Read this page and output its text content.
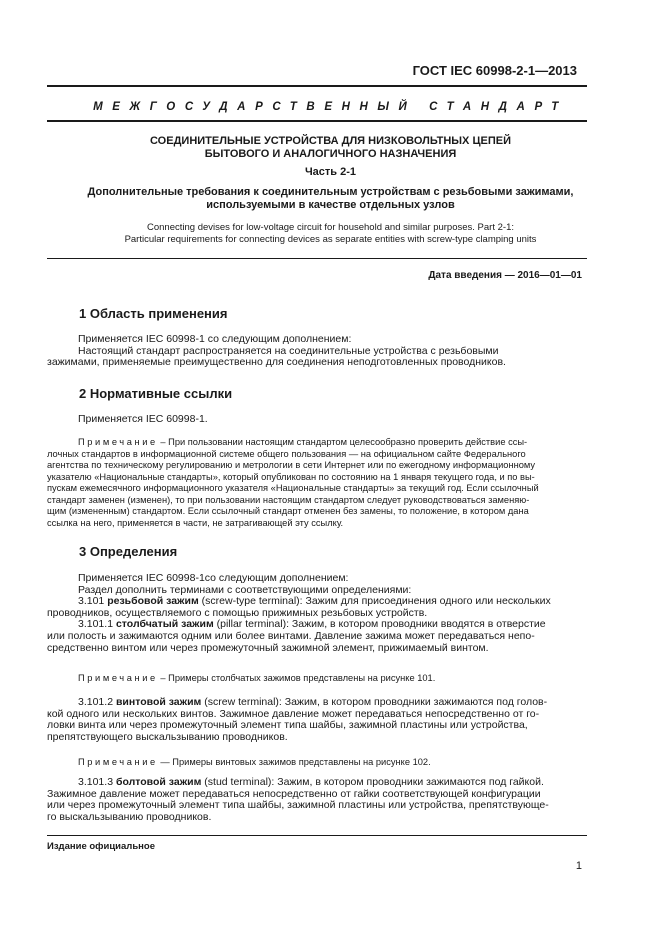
ГОСТ IEC 60998-2-1—2013
МЕЖГОСУДАРСТВЕННЫЙ СТАНДАРТ
СОЕДИНИТЕЛЬНЫЕ УСТРОЙСТВА ДЛЯ НИЗКОВОЛЬТНЫХ ЦЕПЕЙ
БЫТОВОГО И АНАЛОГИЧНОГО НАЗНАЧЕНИЯ
Часть 2-1
Дополнительные требования к соединительным устройствам с резьбовыми зажимами,
используемыми в качестве отдельных узлов
Connecting devises for low-voltage circuit for household and similar purposes. Part 2-1:
Particular requirements for connecting devices as separate entities with screw-type clamping units
Дата введения — 2016—01—01
1 Область применения
Применяется IEC 60998-1 со следующим дополнением:
Настоящий стандарт распространяется на соединительные устройства с резьбовыми
зажимами, применяемые преимущественно для соединения неподготовленных проводников.
2 Нормативные ссылки
Применяется IEC 60998-1.
Примечание – При пользовании настоящим стандартом целесообразно проверить действие ссы-
лочных стандартов в информационной системе общего пользования — на официальном сайте Федерального
агентства по техническому регулированию и метрологии в сети Интернет или по ежегодному информационному
указателю «Национальные стандарты», который опубликован по состоянию на 1 января текущего года, и по вы-
пускам ежемесячного информационного указателя «Национальные стандарты» за текущий год. Если ссылочный
стандарт заменен (изменен), то при пользовании настоящим стандартом следует руководствоваться заменяю-
щим (измененным) стандартом. Если ссылочный стандарт отменен без замены, то положение, в котором дана
ссылка на него, применяется в части, не затрагивающей эту ссылку.
3 Определения
Применяется IEC 60998-1со следующим дополнением:
Раздел дополнить терминами с соответствующими определениями:
3.101 резьбовой зажим (screw-type terminal): Зажим для присоединения одного или нескольких
проводников, осуществляемого с помощью прижимных резьбовых устройств.
3.101.1 столбчатый зажим (pillar terminal): Зажим, в котором проводники вводятся в отверстие
или полость и зажимаются одним или более винтами. Давление зажима может передаваться непо-
средственно винтом или через промежуточный зажимной элемент, прижимаемый винтом.
Примечание – Примеры столбчатых зажимов представлены на рисунке 101.
3.101.2 винтовой зажим (screw terminal): Зажим, в котором проводники зажимаются под голов-
кой одного или нескольких винтов. Зажимное давление может передаваться непосредственно от го-
ловки винта или через промежуточный элемент типа шайбы, зажимной пластины или устройства,
препятствующего выскальзыванию проводников.
Примечание — Примеры винтовых зажимов представлены на рисунке 102.
3.101.3 болтовой зажим (stud terminal): Зажим, в котором проводники зажимаются под гайкой.
Зажимное давление может передаваться непосредственно от гайки соответствующей конфигурации
или через промежуточный элемент типа шайбы, зажимной пластины или устройства, препятствующе-
го выскальзыванию проводников.
Издание официальное
1
